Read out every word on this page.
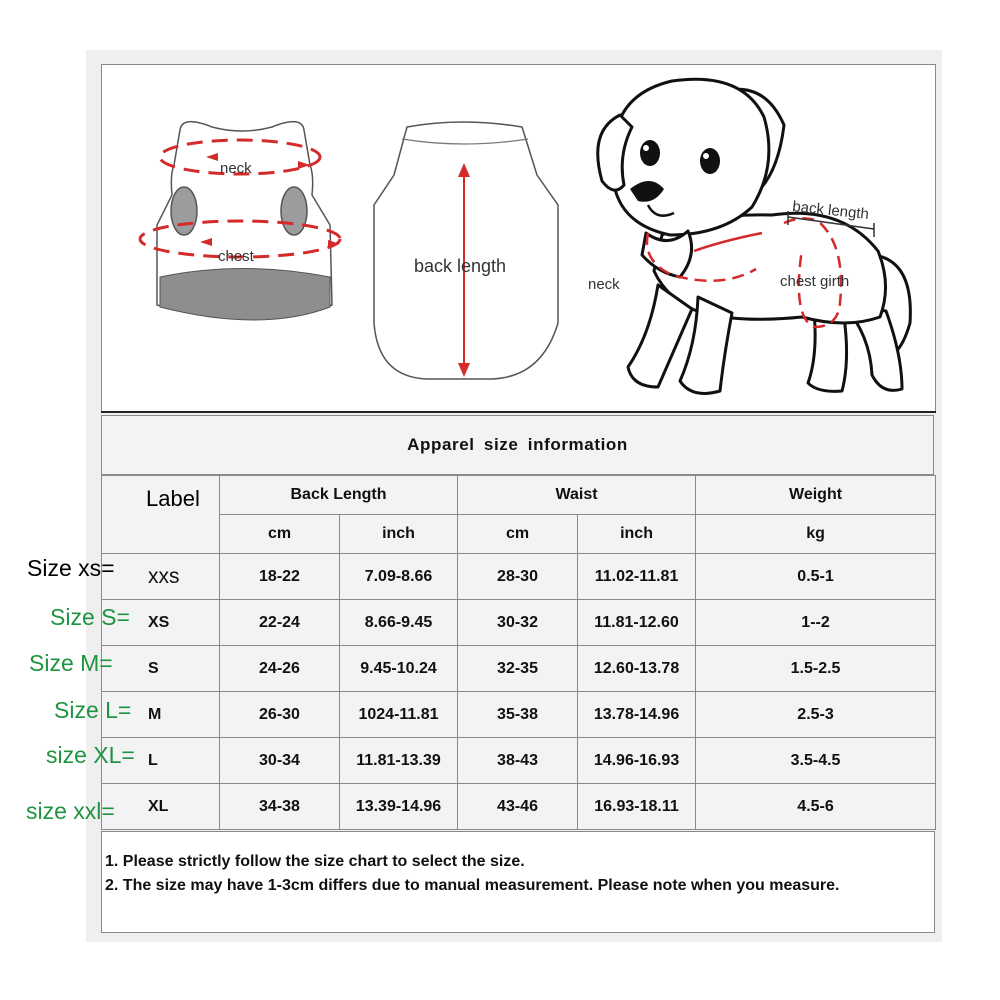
neck
chest	back length
neck
back length
chest girth
Apparel size information
Label	Back Length		Waist		Weight
	cm	inch	cm	inch	kg
xxs	18-22	7.09-8.66	28-30	11.02-11.81	0.5-1
XS	22-24	8.66-9.45	30-32	11.81-12.60	1--2
S	24-26	9.45-10.24	32-35	12.60-13.78	1.5-2.5
M	26-30	1024-11.81	35-38	13.78-14.96	2.5-3
L	30-34	11.81-13.39	38-43	14.96-16.93	3.5-4.5
XL	34-38	13.39-14.96	43-46	16.93-18.11	4.5-6
1. Please strictly follow the size chart to select the size.
2. The size may have 1-3cm differs due to manual measurement. Please note when you measure.
Size xs=
Size S=
Size M=
Size L=
size XL=
size xxl=
